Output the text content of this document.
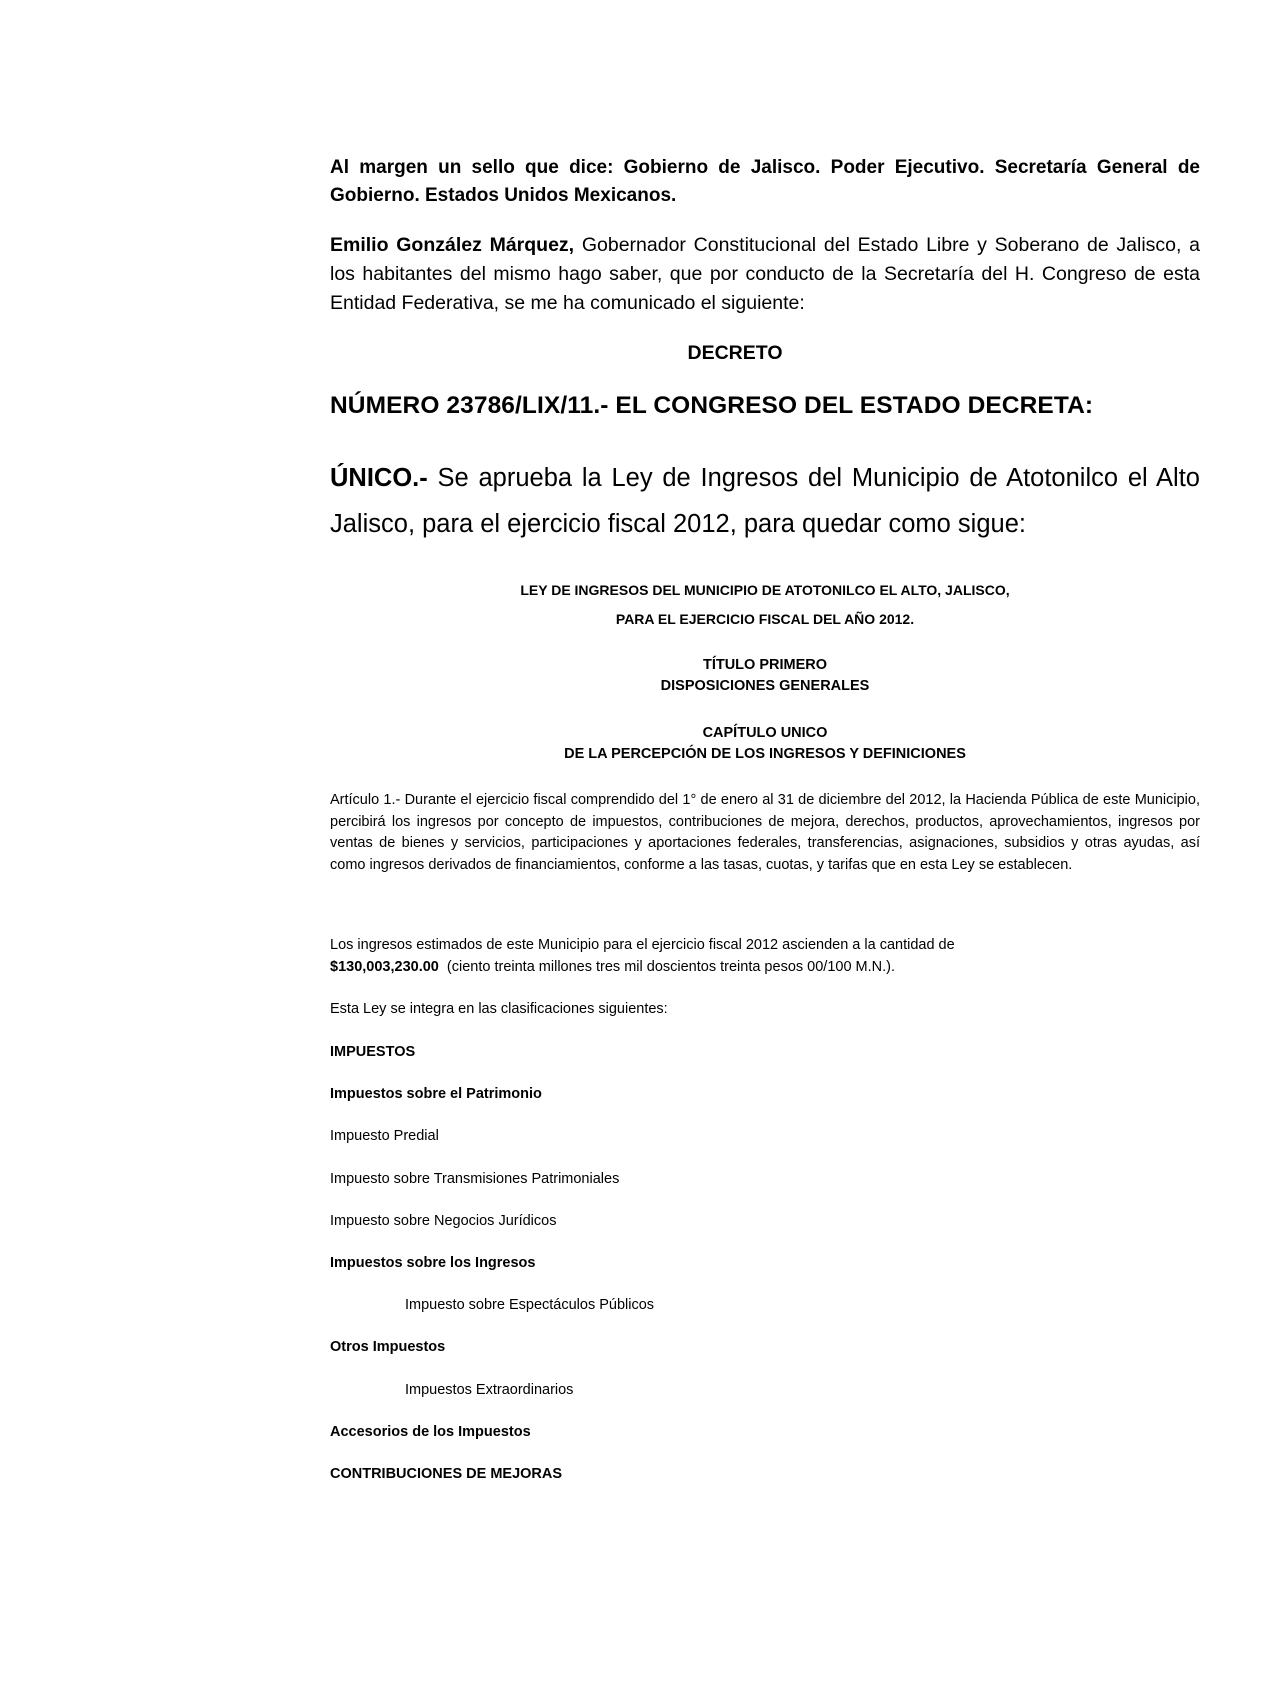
Al margen un sello que dice: Gobierno de Jalisco. Poder Ejecutivo. Secretaría General de Gobierno. Estados Unidos Mexicanos.
Emilio González Márquez, Gobernador Constitucional del Estado Libre y Soberano de Jalisco, a los habitantes del mismo hago saber, que por conducto de la Secretaría del H. Congreso de esta Entidad Federativa, se me ha comunicado el siguiente:
DECRETO
NÚMERO 23786/LIX/11.- EL CONGRESO DEL ESTADO DECRETA:
ÚNICO.- Se aprueba la Ley de Ingresos del Municipio de Atotonilco el Alto Jalisco, para el ejercicio fiscal 2012, para quedar como sigue:
LEY DE INGRESOS DEL MUNICIPIO DE ATOTONILCO EL ALTO, JALISCO,
PARA EL EJERCICIO FISCAL DEL AÑO 2012.
TÍTULO PRIMERO
DISPOSICIONES GENERALES
CAPÍTULO UNICO
DE LA PERCEPCIÓN DE LOS INGRESOS Y DEFINICIONES
Artículo 1.- Durante el ejercicio fiscal comprendido del 1° de enero al 31 de diciembre del 2012, la Hacienda Pública de este Municipio, percibirá los ingresos por concepto de impuestos, contribuciones de mejora, derechos, productos, aprovechamientos, ingresos por ventas de bienes y servicios, participaciones y aportaciones federales, transferencias, asignaciones, subsidios y otras ayudas, así como ingresos derivados de financiamientos, conforme a las tasas, cuotas, y tarifas que en esta Ley se establecen.
Los ingresos estimados de este Municipio para el ejercicio fiscal 2012 ascienden a la cantidad de
$130,003,230.00  (ciento treinta millones tres mil doscientos treinta pesos 00/100 M.N.).
Esta Ley se integra en las clasificaciones siguientes:
IMPUESTOS
Impuestos sobre el Patrimonio
Impuesto Predial
Impuesto sobre Transmisiones Patrimoniales
Impuesto sobre Negocios Jurídicos
Impuestos sobre los Ingresos
Impuesto sobre Espectáculos Públicos
Otros Impuestos
Impuestos Extraordinarios
Accesorios de los Impuestos
CONTRIBUCIONES DE MEJORAS
